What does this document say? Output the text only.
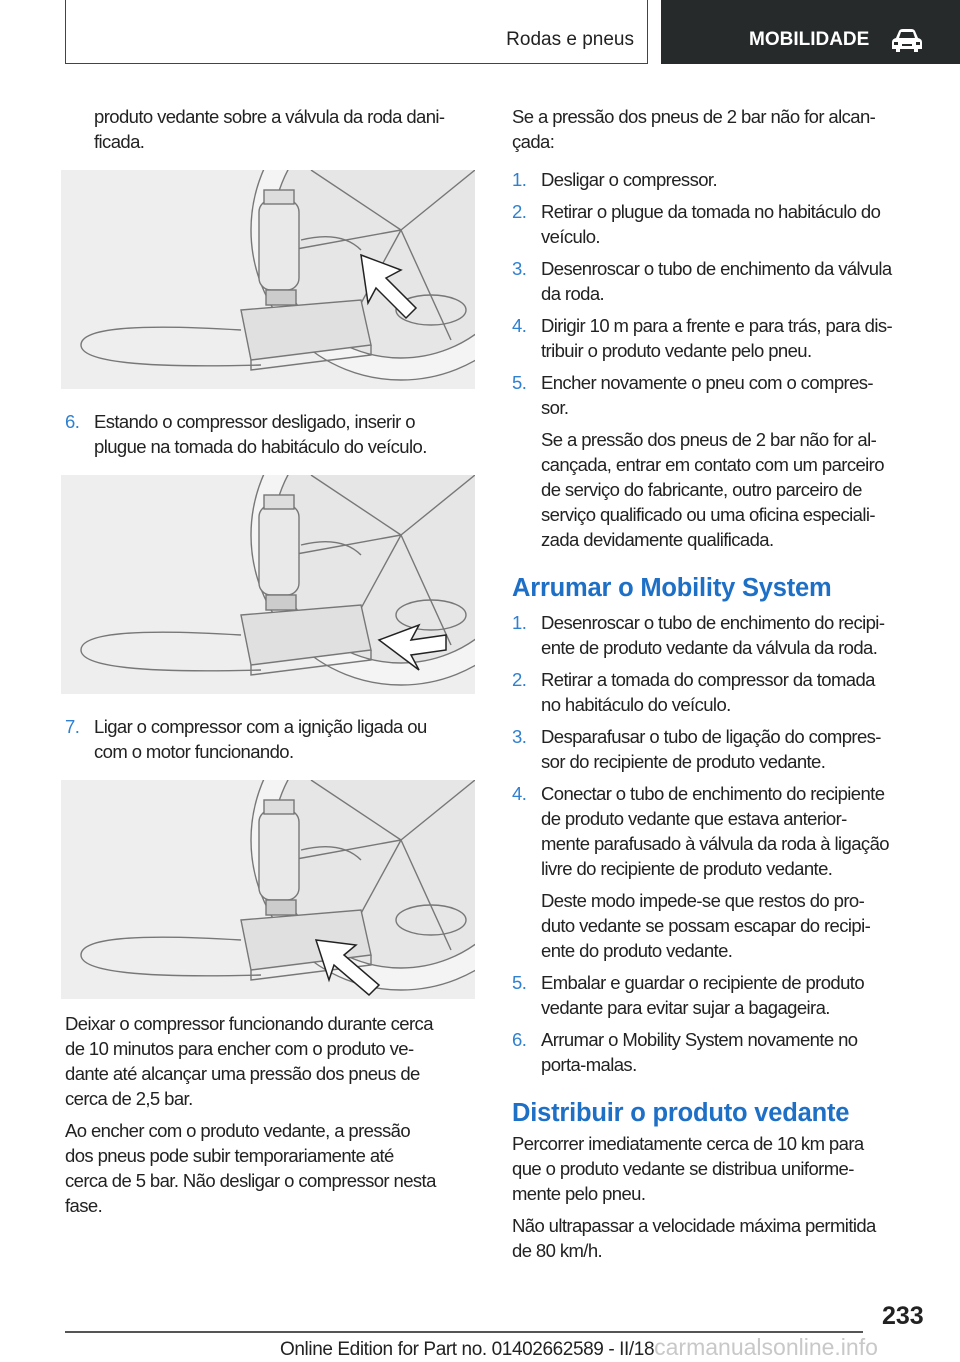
Rodas e pneus	MOBILIDADE
produto vedante sobre a válvula da roda dani-
ficada.
6. Estando o compressor desligado, inserir o
plugue na tomada do habitáculo do veículo.
7. Ligar o compressor com a ignição ligada ou
com o motor funcionando.

Deixar o compressor funcionando durante cerca
de 10 minutos para encher com o produto ve-
dante até alcançar uma pressão dos pneus de
cerca de 2,5 bar.

Ao encher com o produto vedante, a pressão
dos pneus pode subir temporariamente até
cerca de 5 bar. Não desligar o compressor nesta
fase.

Se a pressão dos pneus de 2 bar não for alcan-
çada:

1. Desligar o compressor.
2. Retirar o plugue da tomada no habitáculo do
veículo.
3. Desenroscar o tubo de enchimento da válvula
da roda.
4. Dirigir 10 m para a frente e para trás, para dis-
tribuir o produto vedante pelo pneu.
5. Encher novamente o pneu com o compres-
sor.
Se a pressão dos pneus de 2 bar não for al-
cançada, entrar em contato com um parceiro
de serviço do fabricante, outro parceiro de
serviço qualificado ou uma oficina especiali-
zada devidamente qualificada.
Arrumar o Mobility System
1. Desenroscar o tubo de enchimento do recipi-
ente de produto vedante da válvula da roda.
2. Retirar a tomada do compressor da tomada
no habitáculo do veículo.
3. Desparafusar o tubo de ligação do compres-
sor do recipiente de produto vedante.
4. Conectar o tubo de enchimento do recipiente
de produto vedante que estava anterior-
mente parafusado à válvula da roda à ligação
livre do recipiente de produto vedante.
Deste modo impede-se que restos do pro-
duto vedante se possam escapar do recipi-
ente do produto vedante.
5. Embalar e guardar o recipiente de produto
vedante para evitar sujar a bagageira.
6. Arrumar o Mobility System novamente no
porta-malas.
Distribuir o produto vedante

Percorrer imediatamente cerca de 10 km para
que o produto vedante se distribua uniforme-
mente pelo pneu.

Não ultrapassar a velocidade máxima permitida
de 80 km/h.

233
Online Edition for Part no. 01402662589 - II/18carmanualsonline.info
